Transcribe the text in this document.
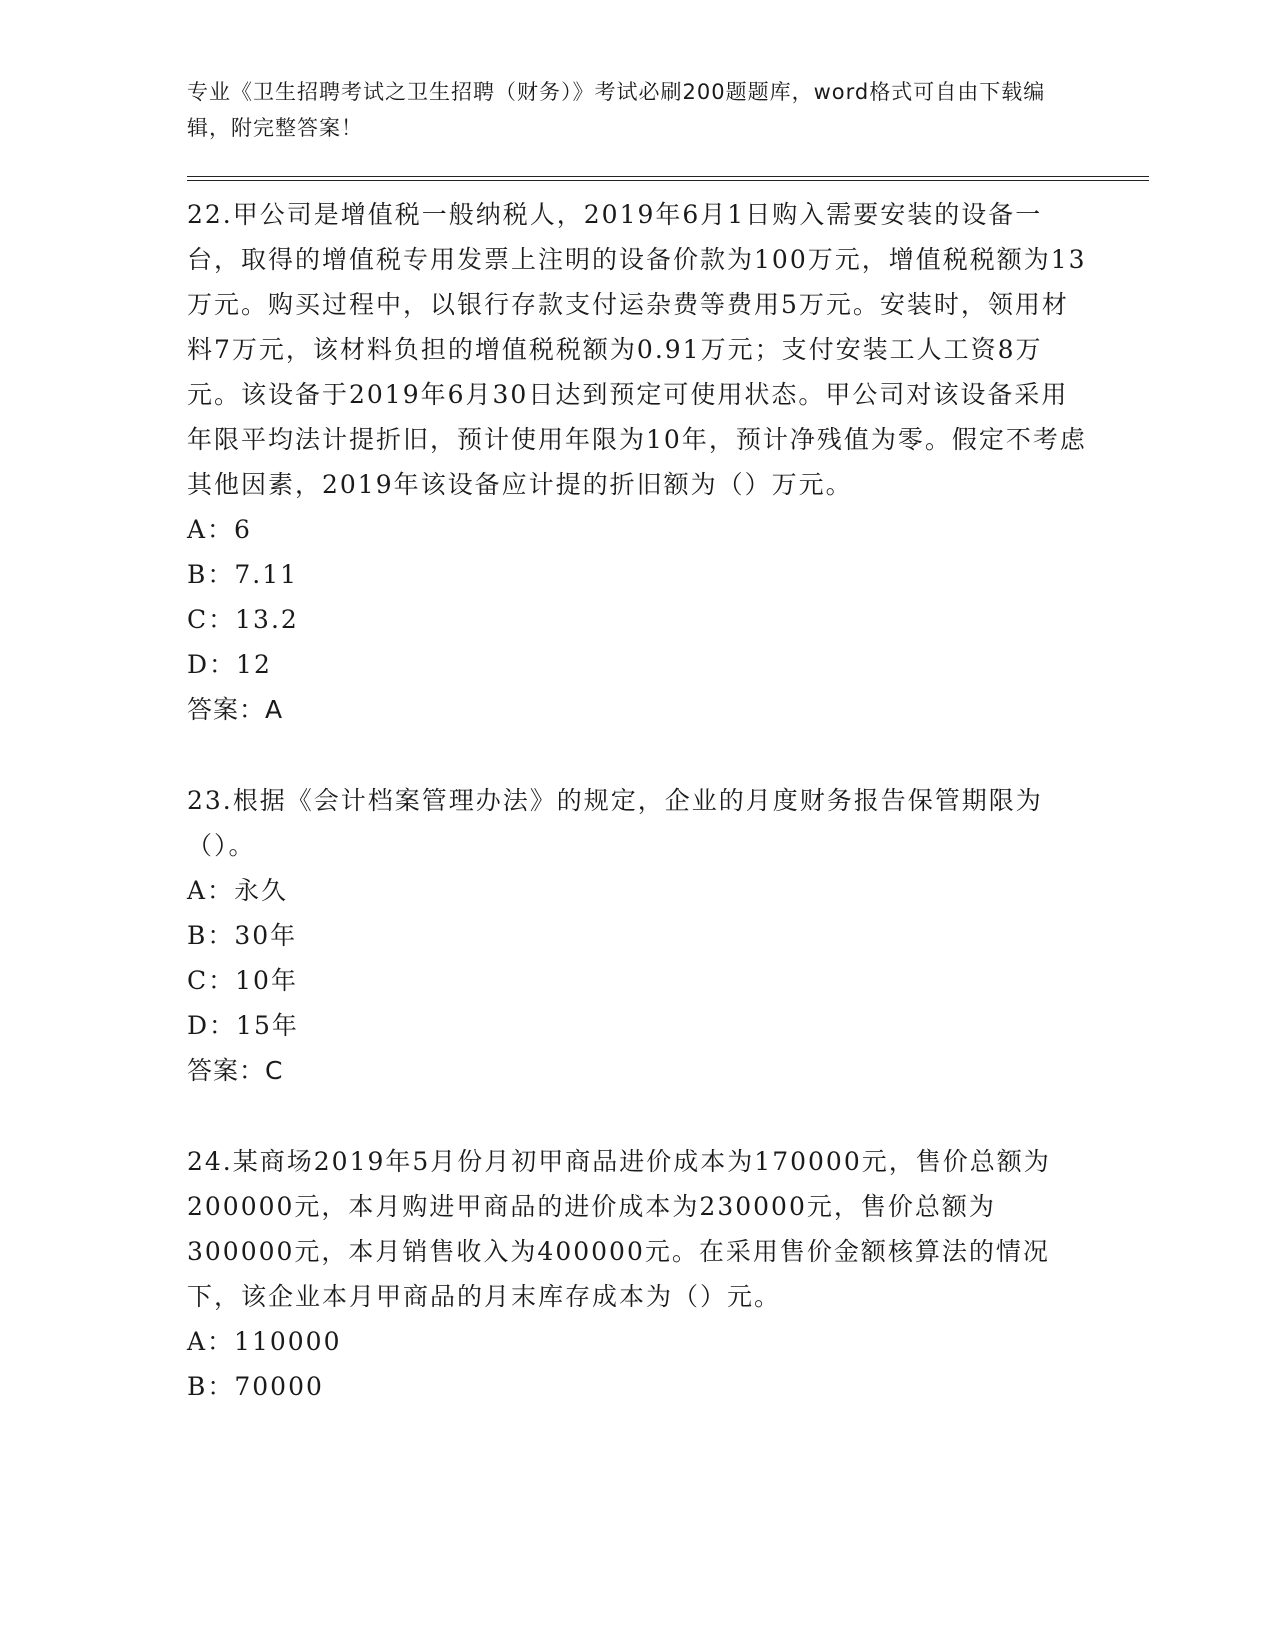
专业《卫生招聘考试之卫生招聘（财务）》考试必刷200题题库，word格式可自由下载编辑，附完整答案！

22.甲公司是增值税一般纳税人，2019年6月1日购入需要安装的设备一台，取得的增值税专用发票上注明的设备价款为100万元，增值税税额为13万元。购买过程中，以银行存款支付运杂费等费用5万元。安装时，领用材料7万元，该材料负担的增值税税额为0.91万元；支付安装工人工资8万元。该设备于2019年6月30日达到预定可使用状态。甲公司对该设备采用年限平均法计提折旧，预计使用年限为10年，预计净残值为零。假定不考虑其他因素，2019年该设备应计提的折旧额为（）万元。

A：6

B：7.11

C：13.2

D：12

答案：A

23.根据《会计档案管理办法》的规定，企业的月度财务报告保管期限为（）。

A：永久

B：30年

C：10年

D：15年

答案：C

24.某商场2019年5月份月初甲商品进价成本为170000元，售价总额为200000元，本月购进甲商品的进价成本为230000元，售价总额为300000元，本月销售收入为400000元。在采用售价金额核算法的情况下，该企业本月甲商品的月末库存成本为（）元。

A：110000

B：70000
